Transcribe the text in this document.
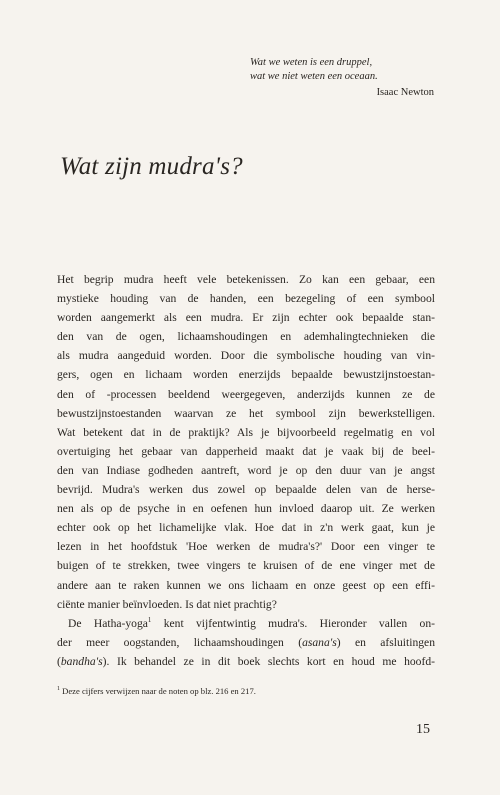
Wat we weten is een druppel,
wat we niet weten een oceaan.
Isaac Newton
Wat zijn mudra's?
Het begrip mudra heeft vele betekenissen. Zo kan een gebaar, een
mystieke houding van de handen, een bezegeling of een symbool
worden aangemerkt als een mudra. Er zijn echter ook bepaalde stan-
den van de ogen, lichaamshoudingen en ademhalingtechnieken die
als mudra aangeduid worden. Door die symbolische houding van vin-
gers, ogen en lichaam worden enerzijds bepaalde bewustzijnstoestan-
den of -processen beeldend weergegeven, anderzijds kunnen ze de
bewustzijnstoestanden waarvan ze het symbool zijn bewerkstelligen.
Wat betekent dat in de praktijk? Als je bijvoorbeeld regelmatig en vol
overtuiging het gebaar van dapperheid maakt dat je vaak bij de beel-
den van Indiase godheden aantreft, word je op den duur van je angst
bevrijd. Mudra's werken dus zowel op bepaalde delen van de hersе-
nen als op de psyche in en oefenen hun invloed daarop uit. Ze werken
echter ook op het lichamelijke vlak. Hoe dat in z'n werk gaat, kun je
lezen in het hoofdstuk 'Hoe werken de mudra's?' Door een vinger te
buigen of te strekken, twee vingers te kruisen of de ene vinger met de
andere aan te raken kunnen we ons lichaam en onze geest op een effi-
ciënte manier beïnvloeden. Is dat niet prachtig?
De Hatha-yoga$^1$ kent vijfentwintig mudra's. Hieronder vallen on-
der meer oogstanden, lichaamshoudingen (asana's) en afsluitingen
(bandha's). Ik behandel ze in dit boek slechts kort en houd me hoofd-
$^1$ Deze cijfers verwijzen naar de noten op blz. 216 en 217.
15
